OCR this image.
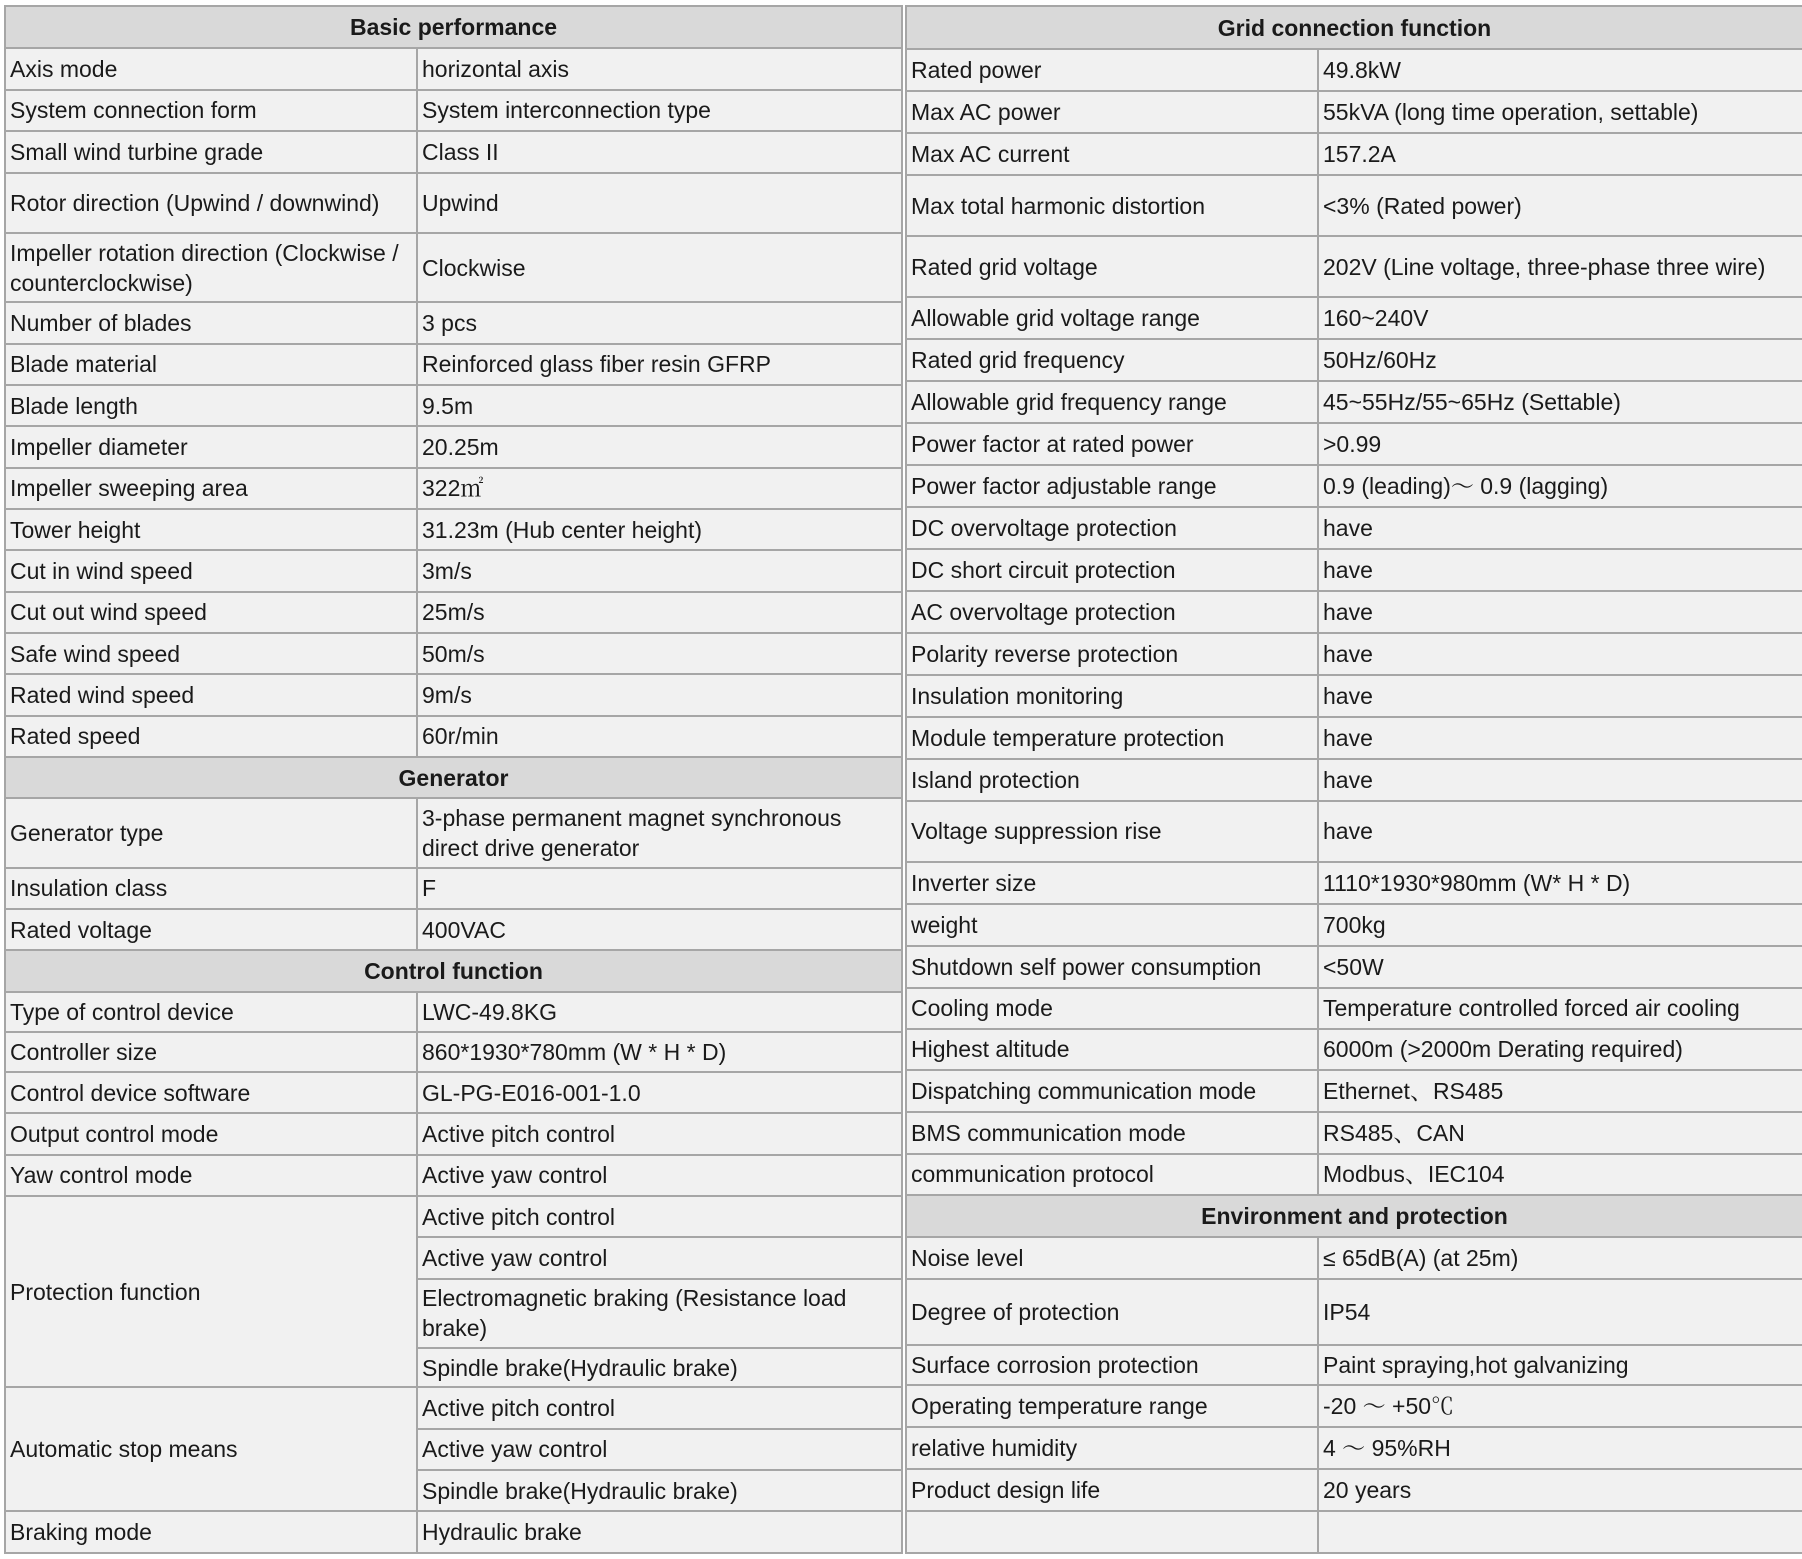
Basic performance	
Axis mode	horizontal axis
System connection form	System interconnection type
Small wind turbine grade	Class II
Rotor direction (Upwind / downwind)	Upwind
Impeller rotation direction (Clockwise / counterclockwise)	Clockwise
Number of blades	3 pcs
Blade material	Reinforced glass fiber resin GFRP
Blade length	9.5m
Impeller diameter	20.25m
Impeller sweeping area	322㎡
Tower height	31.23m (Hub center height)
Cut in wind speed	3m/s
Cut out wind speed	25m/s
Safe wind speed	50m/s
Rated wind speed	9m/s
Rated speed	60r/min
Generator	
Generator type	3-phase permanent magnet synchronous direct drive generator
Insulation class	F
Rated voltage	400VAC
Control function	
Type of control device	LWC-49.8KG
Controller size	860*1930*780mm (W * H * D)
Control device software	GL-PG-E016-001-1.0
Output control mode	Active pitch control
Yaw control mode	Active yaw control
Protection function	Active pitch control
	Active yaw control
	Electromagnetic braking (Resistance load brake)
	Spindle brake(Hydraulic brake)
Automatic stop means	Active pitch control
	Active yaw control
	Spindle brake(Hydraulic brake)
Braking mode	Hydraulic brake
Grid connection function	
Rated power	49.8kW
Max AC power	55kVA (long time operation, settable)
Max AC current	157.2A
Max total harmonic distortion	<3% (Rated power)
Rated grid voltage	202V (Line voltage, three-phase three wire)
Allowable grid voltage range	160~240V
Rated grid frequency	50Hz/60Hz
Allowable grid frequency range	45~55Hz/55~65Hz (Settable)
Power factor at rated power	>0.99
Power factor adjustable range	0.9 (leading)～ 0.9 (lagging)
DC overvoltage protection	have
DC short circuit protection	have
AC overvoltage protection	have
Polarity reverse protection	have
Insulation monitoring	have
Module temperature protection	have
Island protection	have
Voltage suppression rise	have
Inverter size	1110*1930*980mm (W* H * D)
weight	700kg
Shutdown self power consumption	<50W
Cooling mode	Temperature controlled forced air cooling
Highest altitude	6000m (>2000m Derating required)
Dispatching communication mode	Ethernet、RS485
BMS communication mode	RS485、CAN
communication protocol	Modbus、IEC104
Environment and protection	
Noise level	≤ 65dB(A) (at 25m)
Degree of protection	IP54
Surface corrosion protection	Paint spraying,hot galvanizing
Operating temperature range	-20 ～ +50℃
relative humidity	4 ～ 95%RH
Product design life	20 years
